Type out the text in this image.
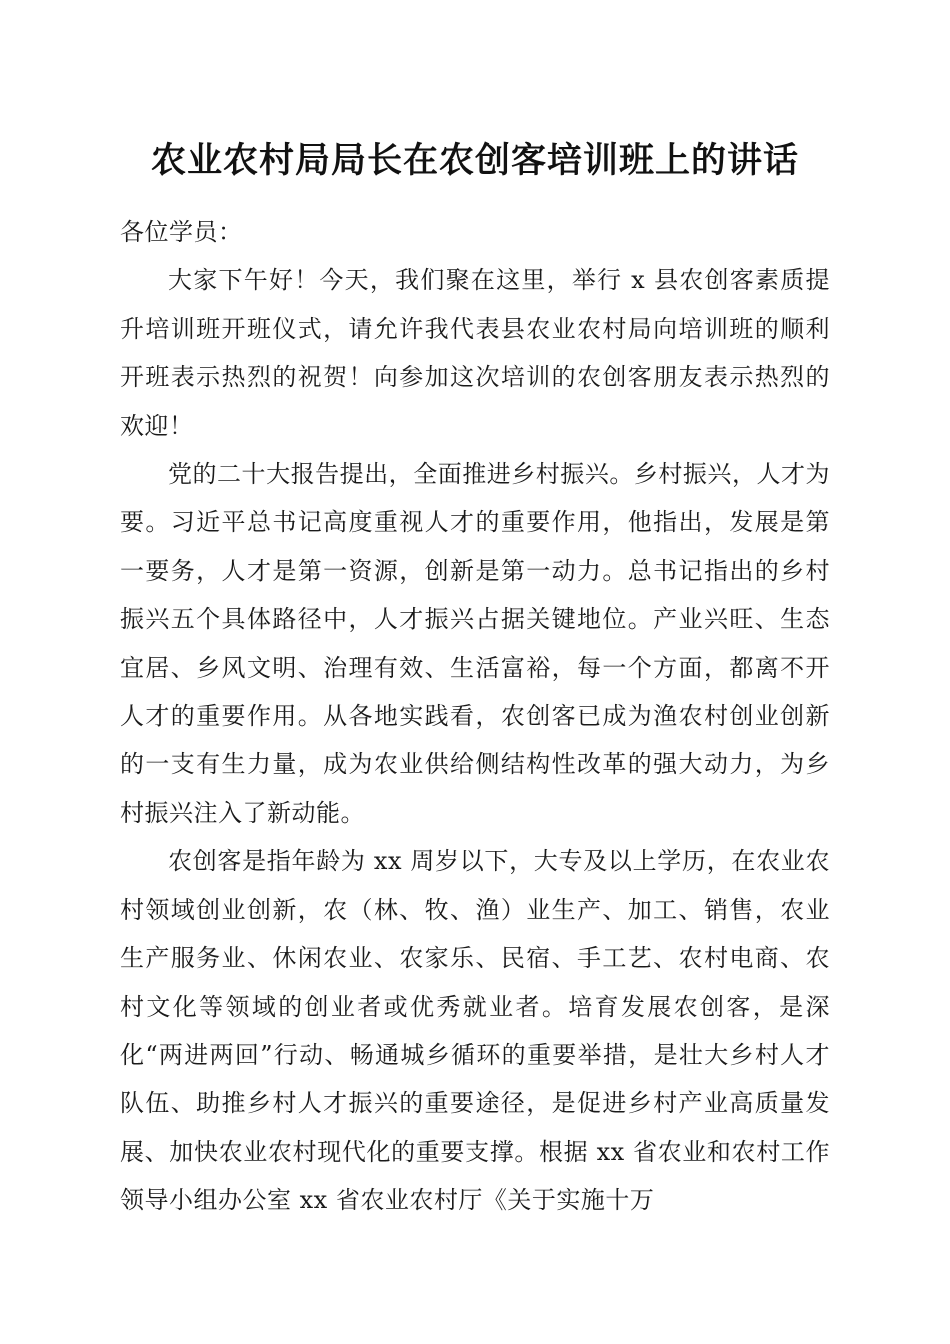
农业农村局局长在农创客培训班上的讲话

各位学员：

大家下午好！今天，我们聚在这里，举行 x 县农创客素质提升培训班开班仪式，请允许我代表县农业农村局向培训班的顺利开班表示热烈的祝贺！向参加这次培训的农创客朋友表示热烈的欢迎！

党的二十大报告提出，全面推进乡村振兴。乡村振兴，人才为要。习近平总书记高度重视人才的重要作用，他指出，发展是第一要务，人才是第一资源，创新是第一动力。总书记指出的乡村振兴五个具体路径中，人才振兴占据关键地位。产业兴旺、生态宜居、乡风文明、治理有效、生活富裕，每一个方面，都离不开人才的重要作用。从各地实践看，农创客已成为渔农村创业创新的一支有生力量，成为农业供给侧结构性改革的强大动力，为乡村振兴注入了新动能。

农创客是指年龄为 xx 周岁以下，大专及以上学历，在农业农村领域创业创新，农（林、牧、渔）业生产、加工、销售，农业生产服务业、休闲农业、农家乐、民宿、手工艺、农村电商、农村文化等领域的创业者或优秀就业者。培育发展农创客，是深化“两进两回”行动、畅通城乡循环的重要举措，是壮大乡村人才队伍、助推乡村人才振兴的重要途径，是促进乡村产业高质量发展、加快农业农村现代化的重要支撑。根据 xx 省农业和农村工作领导小组办公室 xx 省农业农村厅《关于实施十万
